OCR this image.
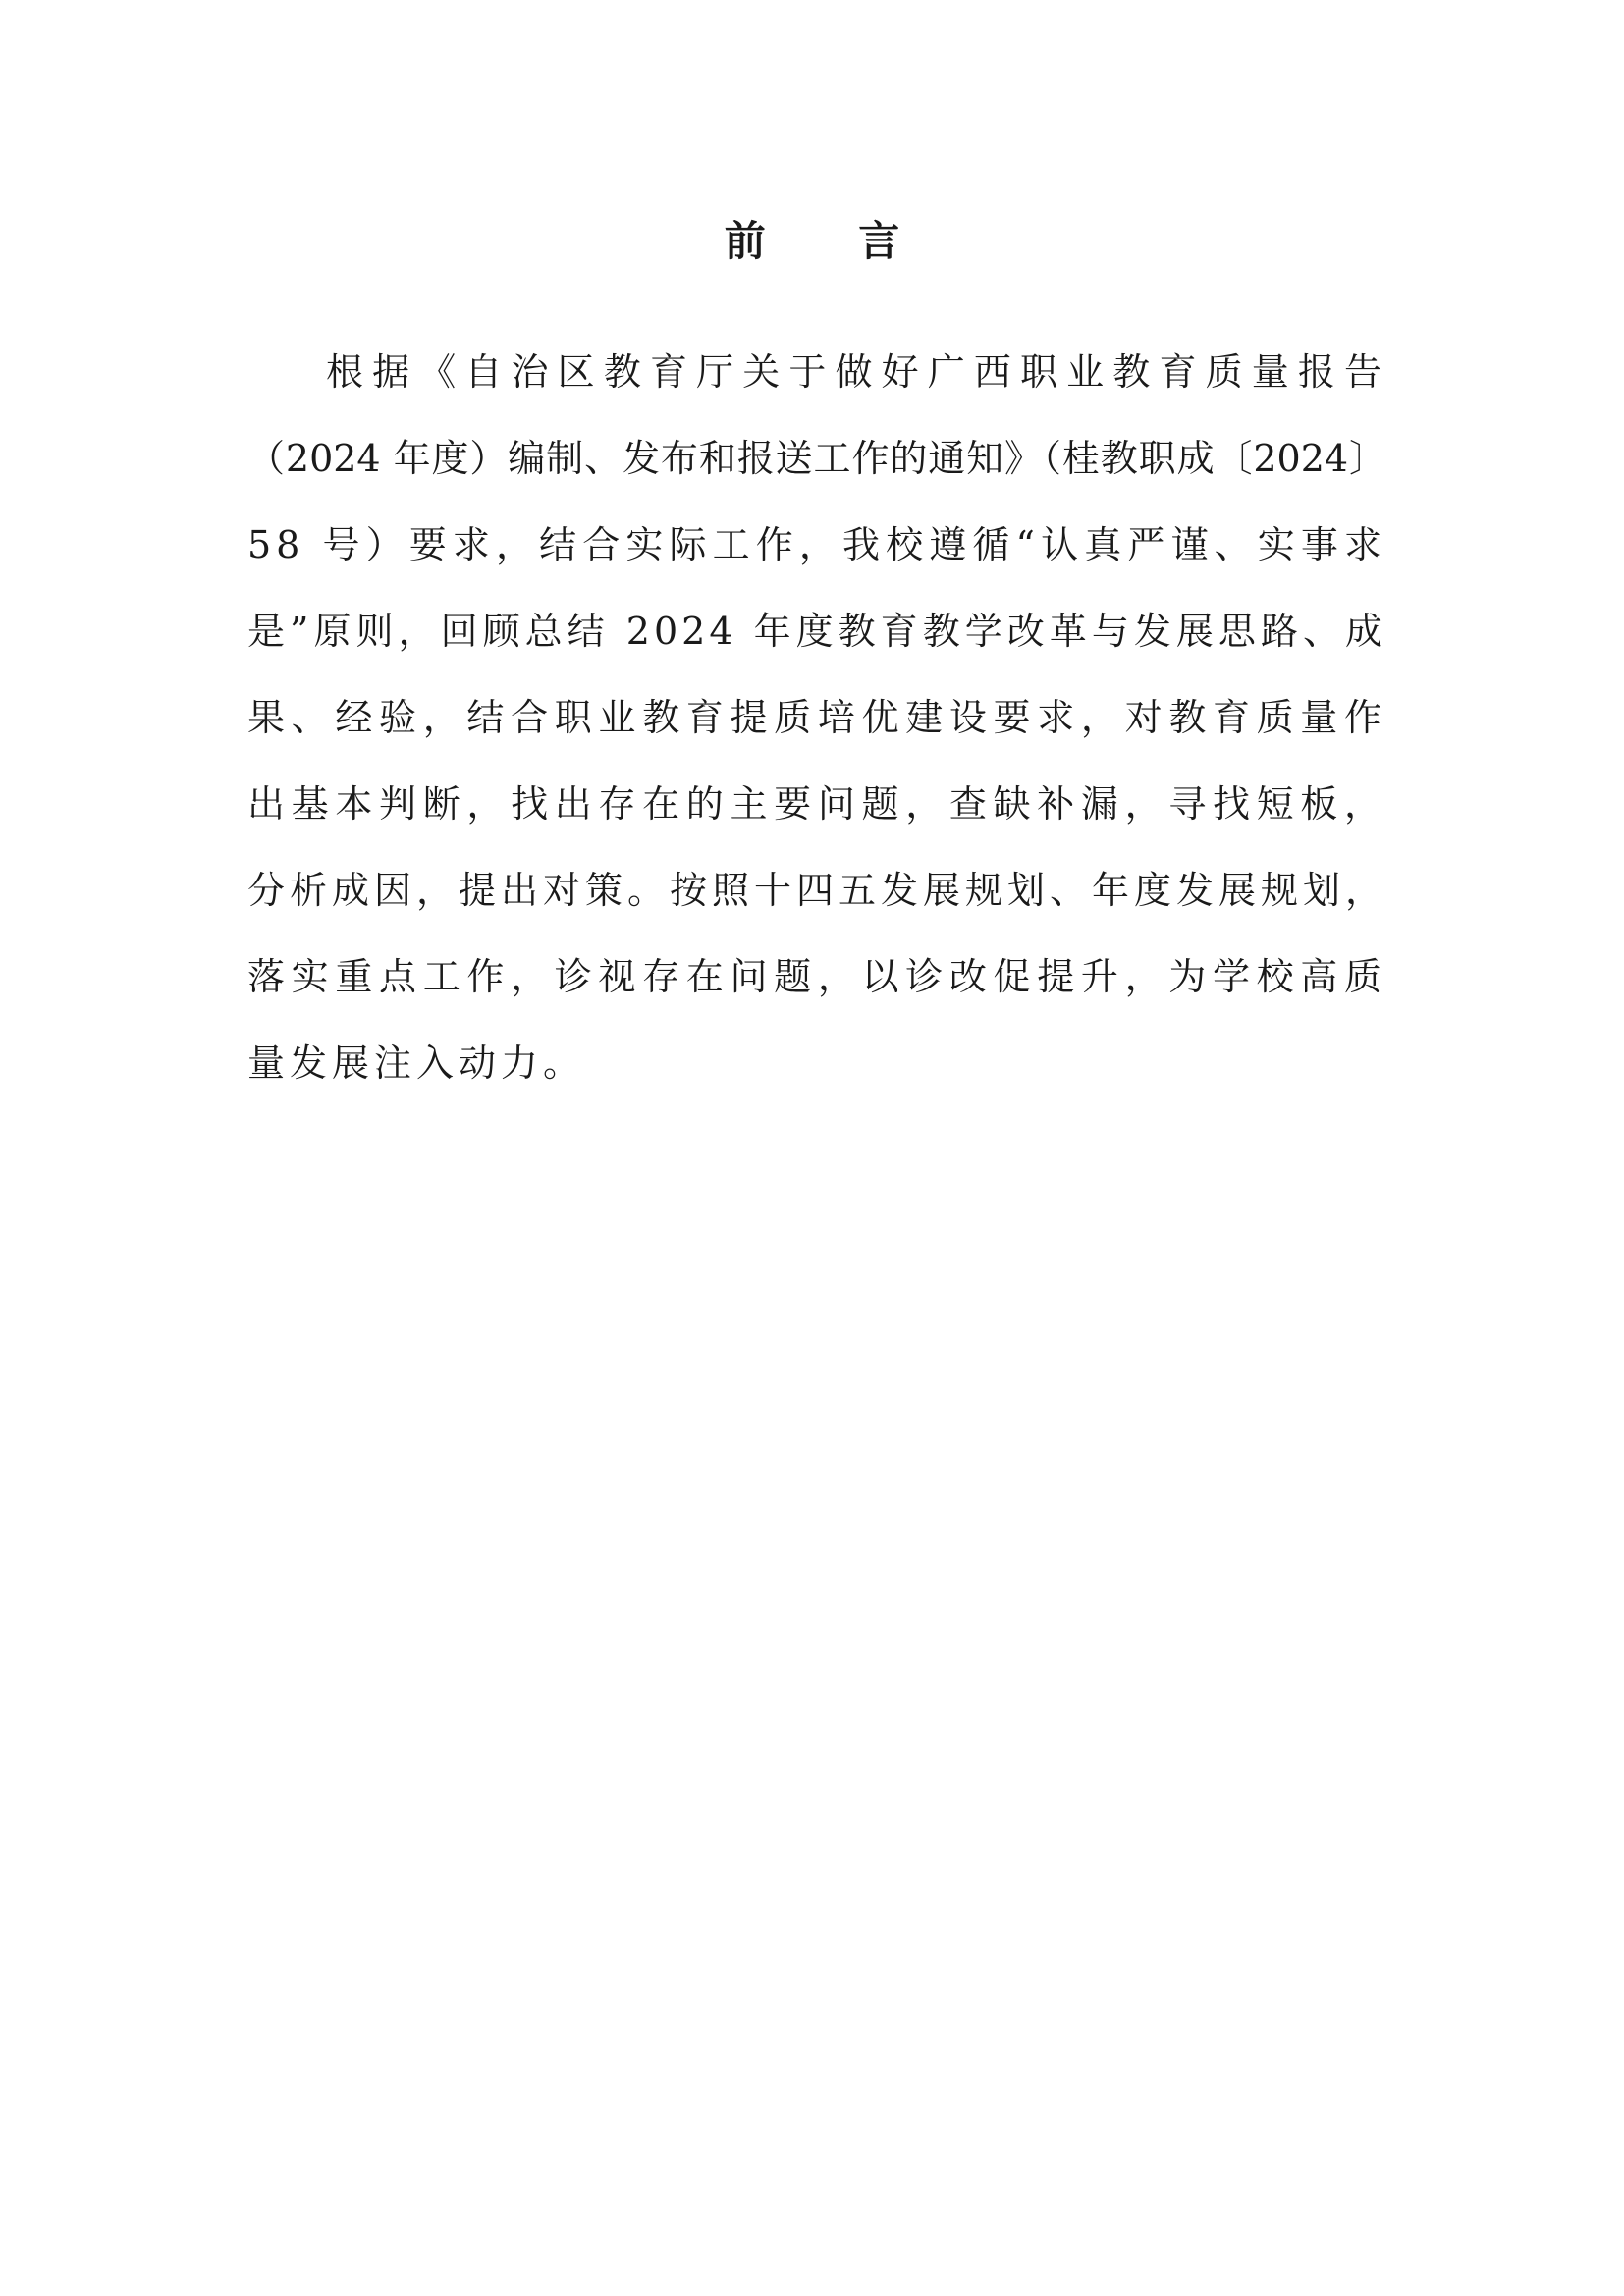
前 言
根据《自治区教育厅关于做好广西职业教育质量报告
（2024 年度）编制、发布和报送工作的通知》（桂教职成〔2024〕
58 号）要求，结合实际工作，我校遵循“认真严谨、实事求
是”原则，回顾总结 2024 年度教育教学改革与发展思路、成
果、经验，结合职业教育提质培优建设要求，对教育质量作
出基本判断，找出存在的主要问题，查缺补漏，寻找短板，
分析成因，提出对策。按照十四五发展规划、年度发展规划，
落实重点工作，诊视存在问题，以诊改促提升，为学校高质
量发展注入动力。
